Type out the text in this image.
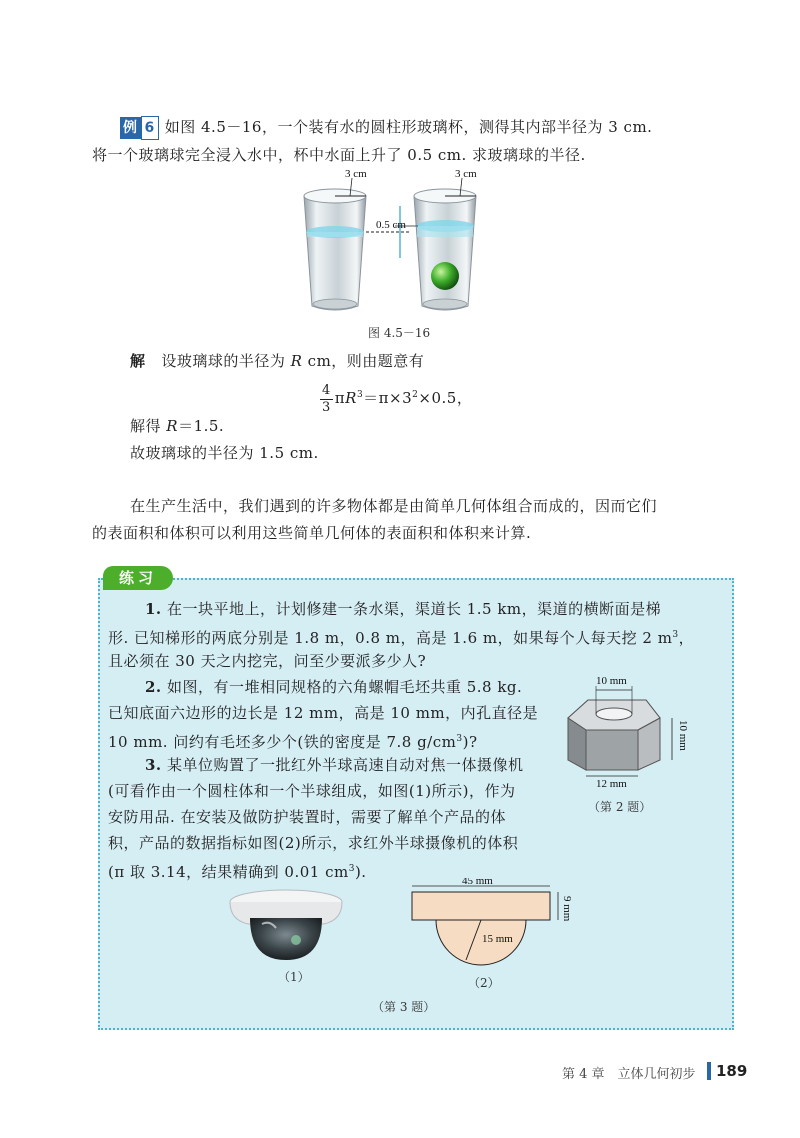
例 6 如图 4.5－16，一个装有水的圆柱形玻璃杯，测得其内部半径为 3 cm.
将一个玻璃球完全浸入水中，杯中水面上升了 0.5 cm. 求玻璃球的半径.
3 cm	3 cm
0.5 cm
图 4.5－16
解 设玻璃球的半径为 R cm，则由题意有
$\frac{4}{3} \pi R^3=\pi\times 3^2\times 0.5$，
解得 R＝1.5.
故玻璃球的半径为 1.5 cm.
在生产生活中，我们遇到的许多物体都是由简单几何体组合而成的，因而它们
的表面积和体积可以利用这些简单几何体的表面积和体积来计算.
练习
1. 在一块平地上，计划修建一条水渠，渠道长 1.5 km，渠道的横断面是梯
形. 已知梯形的两底分别是 1.8 m，0.8 m，高是 1.6 m，如果每个人每天挖 2 $m^3$，
且必须在 30 天之内挖完，问至少要派多少人?
2. 如图，有一堆相同规格的六角螺帽毛坯共重 5.8 kg.
已知底面六边形的边长是 12 mm，高是 10 mm，内孔直径是
10 mm. 问约有毛坯多少个(铁的密度是 7.8 $g/cm^3$)?
10 mm
10 mm
12 mm
（第 2 题）
3. 某单位购置了一批红外半球高速自动对焦一体摄像机
(可看作由一个圆柱体和一个半球组成，如图(1)所示)，作为
安防用品. 在安装及做防护装置时，需要了解单个产品的体
积，产品的数据指标如图(2)所示，求红外半球摄像机的体积
(π 取 3.14，结果精确到 0.01 $cm^3$).
（1）
45 mm
9 mm
15 mm
（2）
（第 3 题）
第 4 章　立体几何初步 189
